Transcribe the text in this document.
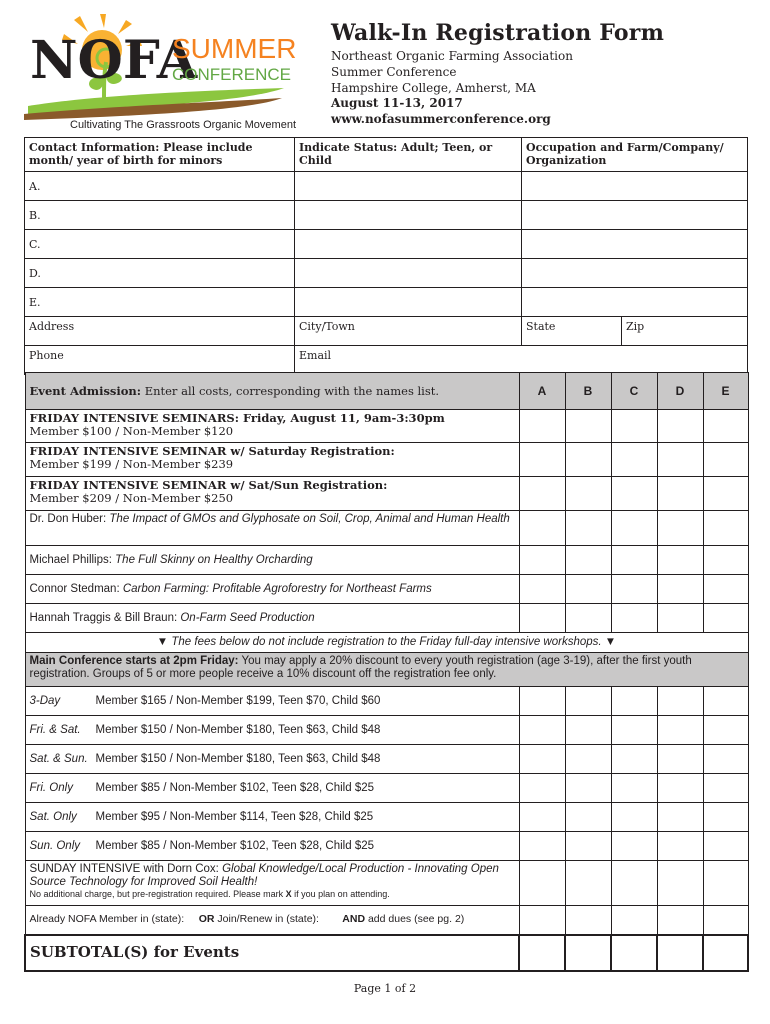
NOFA
SUMMER
CONFERENCE
Cultivating The Grassroots Organic Movement
Walk-In Registration Form
Northeast Organic Farming Association
Summer Conference
Hampshire College, Amherst, MA
August 11-13, 2017
www.nofasummerconference.org
Contact Information: Please include month/ year of birth for minors	Indicate Status: Adult; Teen, or Child	Occupation and Farm/Company/ Organization	
A.			
B.			
C.			
D.			
E.			
Address	City/Town	State	Zip
Phone	Email		
Event Admission: Enter all costs, corresponding with the names list.	A	B	C	D	E

FRIDAY INTENSIVE SEMINARS: Friday, August 11, 9am-3:30pm
Member $100 / Non-Member $120					

FRIDAY INTENSIVE SEMINAR w/ Saturday Registration:
Member $199 / Non-Member $239					

FRIDAY INTENSIVE SEMINAR w/ Sat/Sun Registration:
Member $209 / Non-Member $250					

Dr. Don Huber: The Impact of GMOs and Glyphosate on Soil, Crop, Animal and Human Health					
Michael Phillips: The Full Skinny on Healthy Orcharding					
Connor Stedman: Carbon Farming: Profitable Agroforestry for Northeast Farms					
Hannah Traggis & Bill Braun: On-Farm Seed Production					
▼ The fees below do not include registration to the Friday full-day intensive workshops. ▼					
Main Conference starts at 2pm Friday: You may apply a 20% discount to every youth registration (age 3-19), after the first youth registration. Groups of 5 or more people receive a 10% discount off the registration fee only.					
3-Day Member $165 / Non-Member $199, Teen $70, Child $60					
Fri. & Sat. Member $150 / Non-Member $180, Teen $63, Child $48					
Sat. & Sun. Member $150 / Non-Member $180, Teen $63, Child $48					
Fri. Only Member $85 / Non-Member $102, Teen $28, Child $25					
Sat. Only Member $95 / Non-Member $114, Teen $28, Child $25					
Sun. Only Member $85 / Non-Member $102, Teen $28, Child $25					

SUNDAY INTENSIVE with Dorn Cox: Global Knowledge/Local Production - Innovating Open Source Technology for Improved Soil Health!
No additional charge, but pre-registration required. Please mark X if you plan on attending.					

Already NOFA Member in (state): OR Join/Renew in (state): AND add dues (see pg. 2)					
SUBTOTAL(S) for Events					
Page 1 of 2
